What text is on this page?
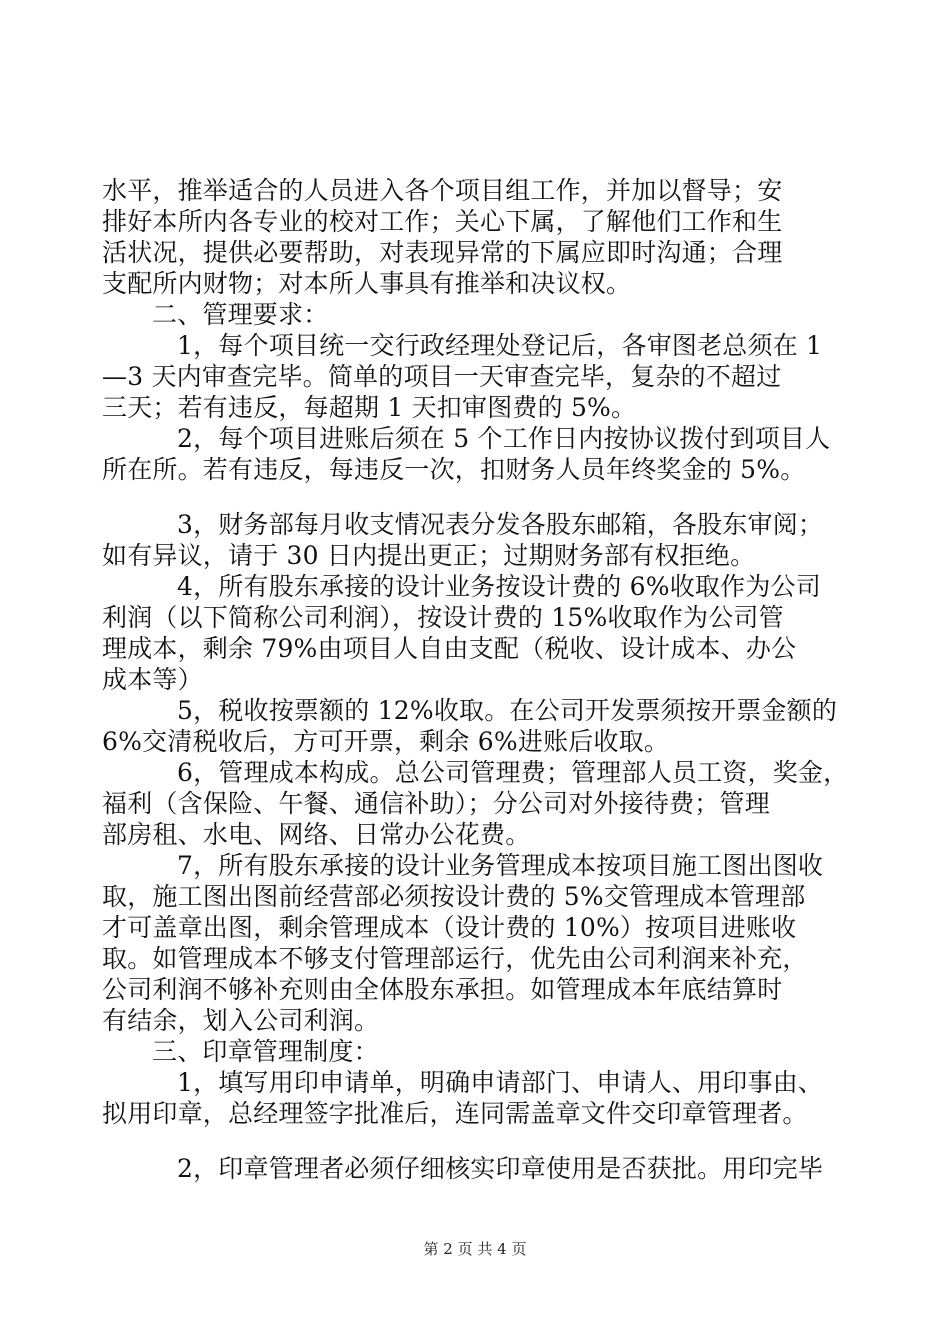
水平，推举适合的人员进入各个项目组工作，并加以督导；安
排好本所内各专业的校对工作；关心下属，了解他们工作和生
活状况，提供必要帮助，对表现异常的下属应即时沟通；合理
支配所内财物；对本所人事具有推举和决议权。
二、管理要求：
1，每个项目统一交行政经理处登记后，各审图老总须在 1
—3 天内审查完毕。简单的项目一天审查完毕，复杂的不超过
三天；若有违反，每超期 1 天扣审图费的 5%。
2，每个项目进账后须在 5 个工作日内按协议拨付到项目人
所在所。若有违反，每违反一次，扣财务人员年终奖金的 5%。
3，财务部每月收支情况表分发各股东邮箱，各股东审阅；
如有异议，请于 30 日内提出更正；过期财务部有权拒绝。
4，所有股东承接的设计业务按设计费的 6%收取作为公司
利润（以下简称公司利润），按设计费的 15%收取作为公司管
理成本，剩余 79%由项目人自由支配（税收、设计成本、办公
成本等）
5，税收按票额的 12%收取。在公司开发票须按开票金额的
6%交清税收后，方可开票，剩余 6%进账后收取。
6，管理成本构成。总公司管理费；管理部人员工资，奖金，
福利（含保险、午餐、通信补助）；分公司对外接待费；管理
部房租、水电、网络、日常办公花费。
7，所有股东承接的设计业务管理成本按项目施工图出图收
取，施工图出图前经营部必须按设计费的 5%交管理成本管理部
才可盖章出图，剩余管理成本（设计费的 10%）按项目进账收
取。如管理成本不够支付管理部运行，优先由公司利润来补充，
公司利润不够补充则由全体股东承担。如管理成本年底结算时
有结余，划入公司利润。
三、印章管理制度：
1，填写用印申请单，明确申请部门、申请人、用印事由、
拟用印章，总经理签字批准后，连同需盖章文件交印章管理者。
2，印章管理者必须仔细核实印章使用是否获批。用印完毕
第 2 页 共 4 页
